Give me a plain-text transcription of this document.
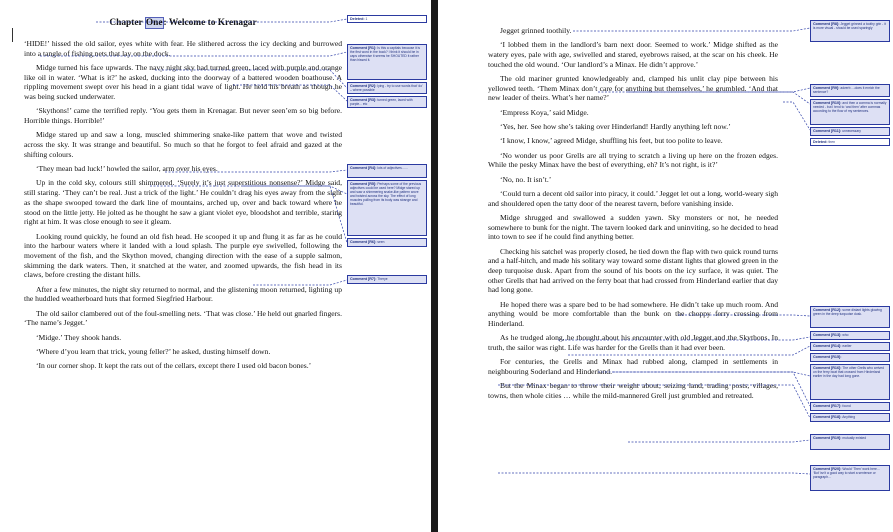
Chapter One: Welcome to Krenagar

‘HIDE!’ hissed the old sailor, eyes white with fear. He slithered across the icy decking and burrowed into a tangle of fishing nets that lay on the dock.

Midge turned his face upwards. The navy night sky had turned green, laced with purple and orange like oil in water. ‘What is it?’ he asked, ducking into the doorway of a battered wooden boathouse. A rippling movement swept over his head in a giant tidal wave of light. He held his breath as though he was being sucked underwater.

‘Skythons!’ came the terrified reply. ‘You gets them in Krenagar. But never seen’em so big before. Horrible things. Horrible!’

Midge stared up and saw a long, muscled shimmering snake-like pattern that wove and twisted across the sky. It was strange and beautiful. So much so that he forgot to feel afraid and gazed at the shifting colours.

‘They mean bad luck!’ howled the sailor, arm over his eyes.

Up in the cold sky, colours still shimmered. ‘Surely it’s just superstitious nonsense?’ Midge said, still staring. ‘They can’t be real. Just a trick of the light.’ He couldn’t drag his eyes away from the sight as the shape swooped toward the dark line of mountains, arched up, over and back toward where he stood on the little jetty. He jolted as he thought he saw a giant violet eye, bloodshot and terrible, staring right at him. It was close enough to see it gleam.

Looking round quickly, he found an old fish head. He scooped it up and flung it as far as he could into the harbour waters where it landed with a loud splash. The purple eye swivelled, following the movement of the fish, and the Skython moved, changing direction with the ease of a supple salmon, skimming the dark waters. Then, it snatched at the water, and zoomed upwards, the fish head in its claws, before cresting the distant hills.

After a few minutes, the night sky returned to normal, and the glistening moon returned, lighting up the huddled weatherboard huts that formed Siegfried Harbour.

The old sailor clambered out of the foul-smelling nets. ‘That was close.’ He held out gnarled fingers. ‘The name’s Jegget.’

‘Midge.’ They shook hands.

‘Where d’you learn that trick, young feller?’ he asked, dusting himself down.

‘In our corner shop. It kept the rats out of the cellars, except there I used old bacon bones.’

Deleted: 1
Comment [R1]: Is this a capitals because it is the first word in the book? I think it should be in caps otherwise it seems he SHOUTED it rather than hissed it.
Comment [R2]: lying - try to use words that ‘do’ – where possible
Comment [R3]: turned green, laced with purple... etc
Comment [R4]: lots of adjectives……
Comment [R5]: Perhaps some of the previous adjectives could be used here? Midge stared up and saw a shimmering snake-like pattern wove and twisted across the sky. The effect of long muscles pulling from its body was strange and beautiful.
Comment [R6]: seen
Comment [R7]: Therye

Jegget grinned toothily.

‘I lobbed them in the landlord’s barn next door. Seemed to work.’ Midge shifted as the watery eyes, pale with age, swivelled and stared, eyebrows raised, at the scar on his cheek. He touched the old wound. ‘Our landlord’s a Minax. He didn’t approve.’

The old mariner grunted knowledgeably and, clamped his unlit clay pipe between his yellowed teeth. ‘Them Minax don’t care for anything but themselves,’ he grumbled. ‘And that new leader of theirs. What’s her name?’

‘Empress Koya,’ said Midge.

‘Yes, her. See how she’s taking over Hinderland! Hardly anything left now.’

‘I know, I know,’ agreed Midge, shuffling his feet, but too polite to leave.

‘No wonder us poor Grells are all trying to scratch a living up here on the frozen edges. While the pesky Minax have the best of everything, eh? It’s not right, is it?’

‘No, no. It isn’t.’

‘Could turn a decent old sailor into piracy, it could.’ Jegget let out a long, world-weary sigh and shouldered open the tatty door of the nearest tavern, before vanishing inside.

Midge shrugged and swallowed a sudden yawn. Sky monsters or not, he needed somewhere to bunk for the night. The tavern looked dark and uninviting, so he decided to head into town to see if he could find anything better.

Checking his satchel was properly closed, he tied down the flap with two quick round turns and a half-hitch, and made his solitary way toward some distant lights that glowed green in the deep turquoise dusk. Apart from the sound of his boots on the icy surface, it was quiet. The other Grells that had arrived on the ferry boat that had crossed from Hinderland earlier that day had long gone.

He hoped there was a spare bed to be had somewhere. He didn’t take up much room. And anything would be more comfortable than the bunk on the choppy ferry crossing from Hinderland.

As he trudged along, he thought about his encounter with old Jegget and the Skythons. In truth, the sailor was right. Life was harder for the Grells than it had ever been.

For centuries, the Grells and Minax had rubbed along, clamped in settlements in neighbouring Soderland and Hinderland.

But the Minax began to throw their weight about, seizing land, trading posts, villages, towns, then whole cities … while the mild-mannered Grell just grumbled and retreated.

Comment [R8]: Jegget grinned a toothy grin - it is more visual - should be used sparingly
Comment [R9]: adverb….does it enrich the sentence?
Comment [R10]: and then a comma is normally needed - but I tend to ‘and then’ after commas according to the flow of my sentences.
Comment [R11]: unnecessary
Deleted: then
Comment [R12]: some distant lights glowing green in the deep turquoise dusk.
Comment [R13]: who
Comment [R14]: earlier
Comment [R15]:
Comment [R16]: The other Grells who arrived on the ferry boat that crossed from Hinderland earlier in the day had long gone.
Comment [R17]: found
Comment [R18]: Anything
Comment [R19]: mutually existed
Comment [R20]: Would ‘Then’ work here… ‘But’ isn’t a good way to start a sentence or paragraph…
